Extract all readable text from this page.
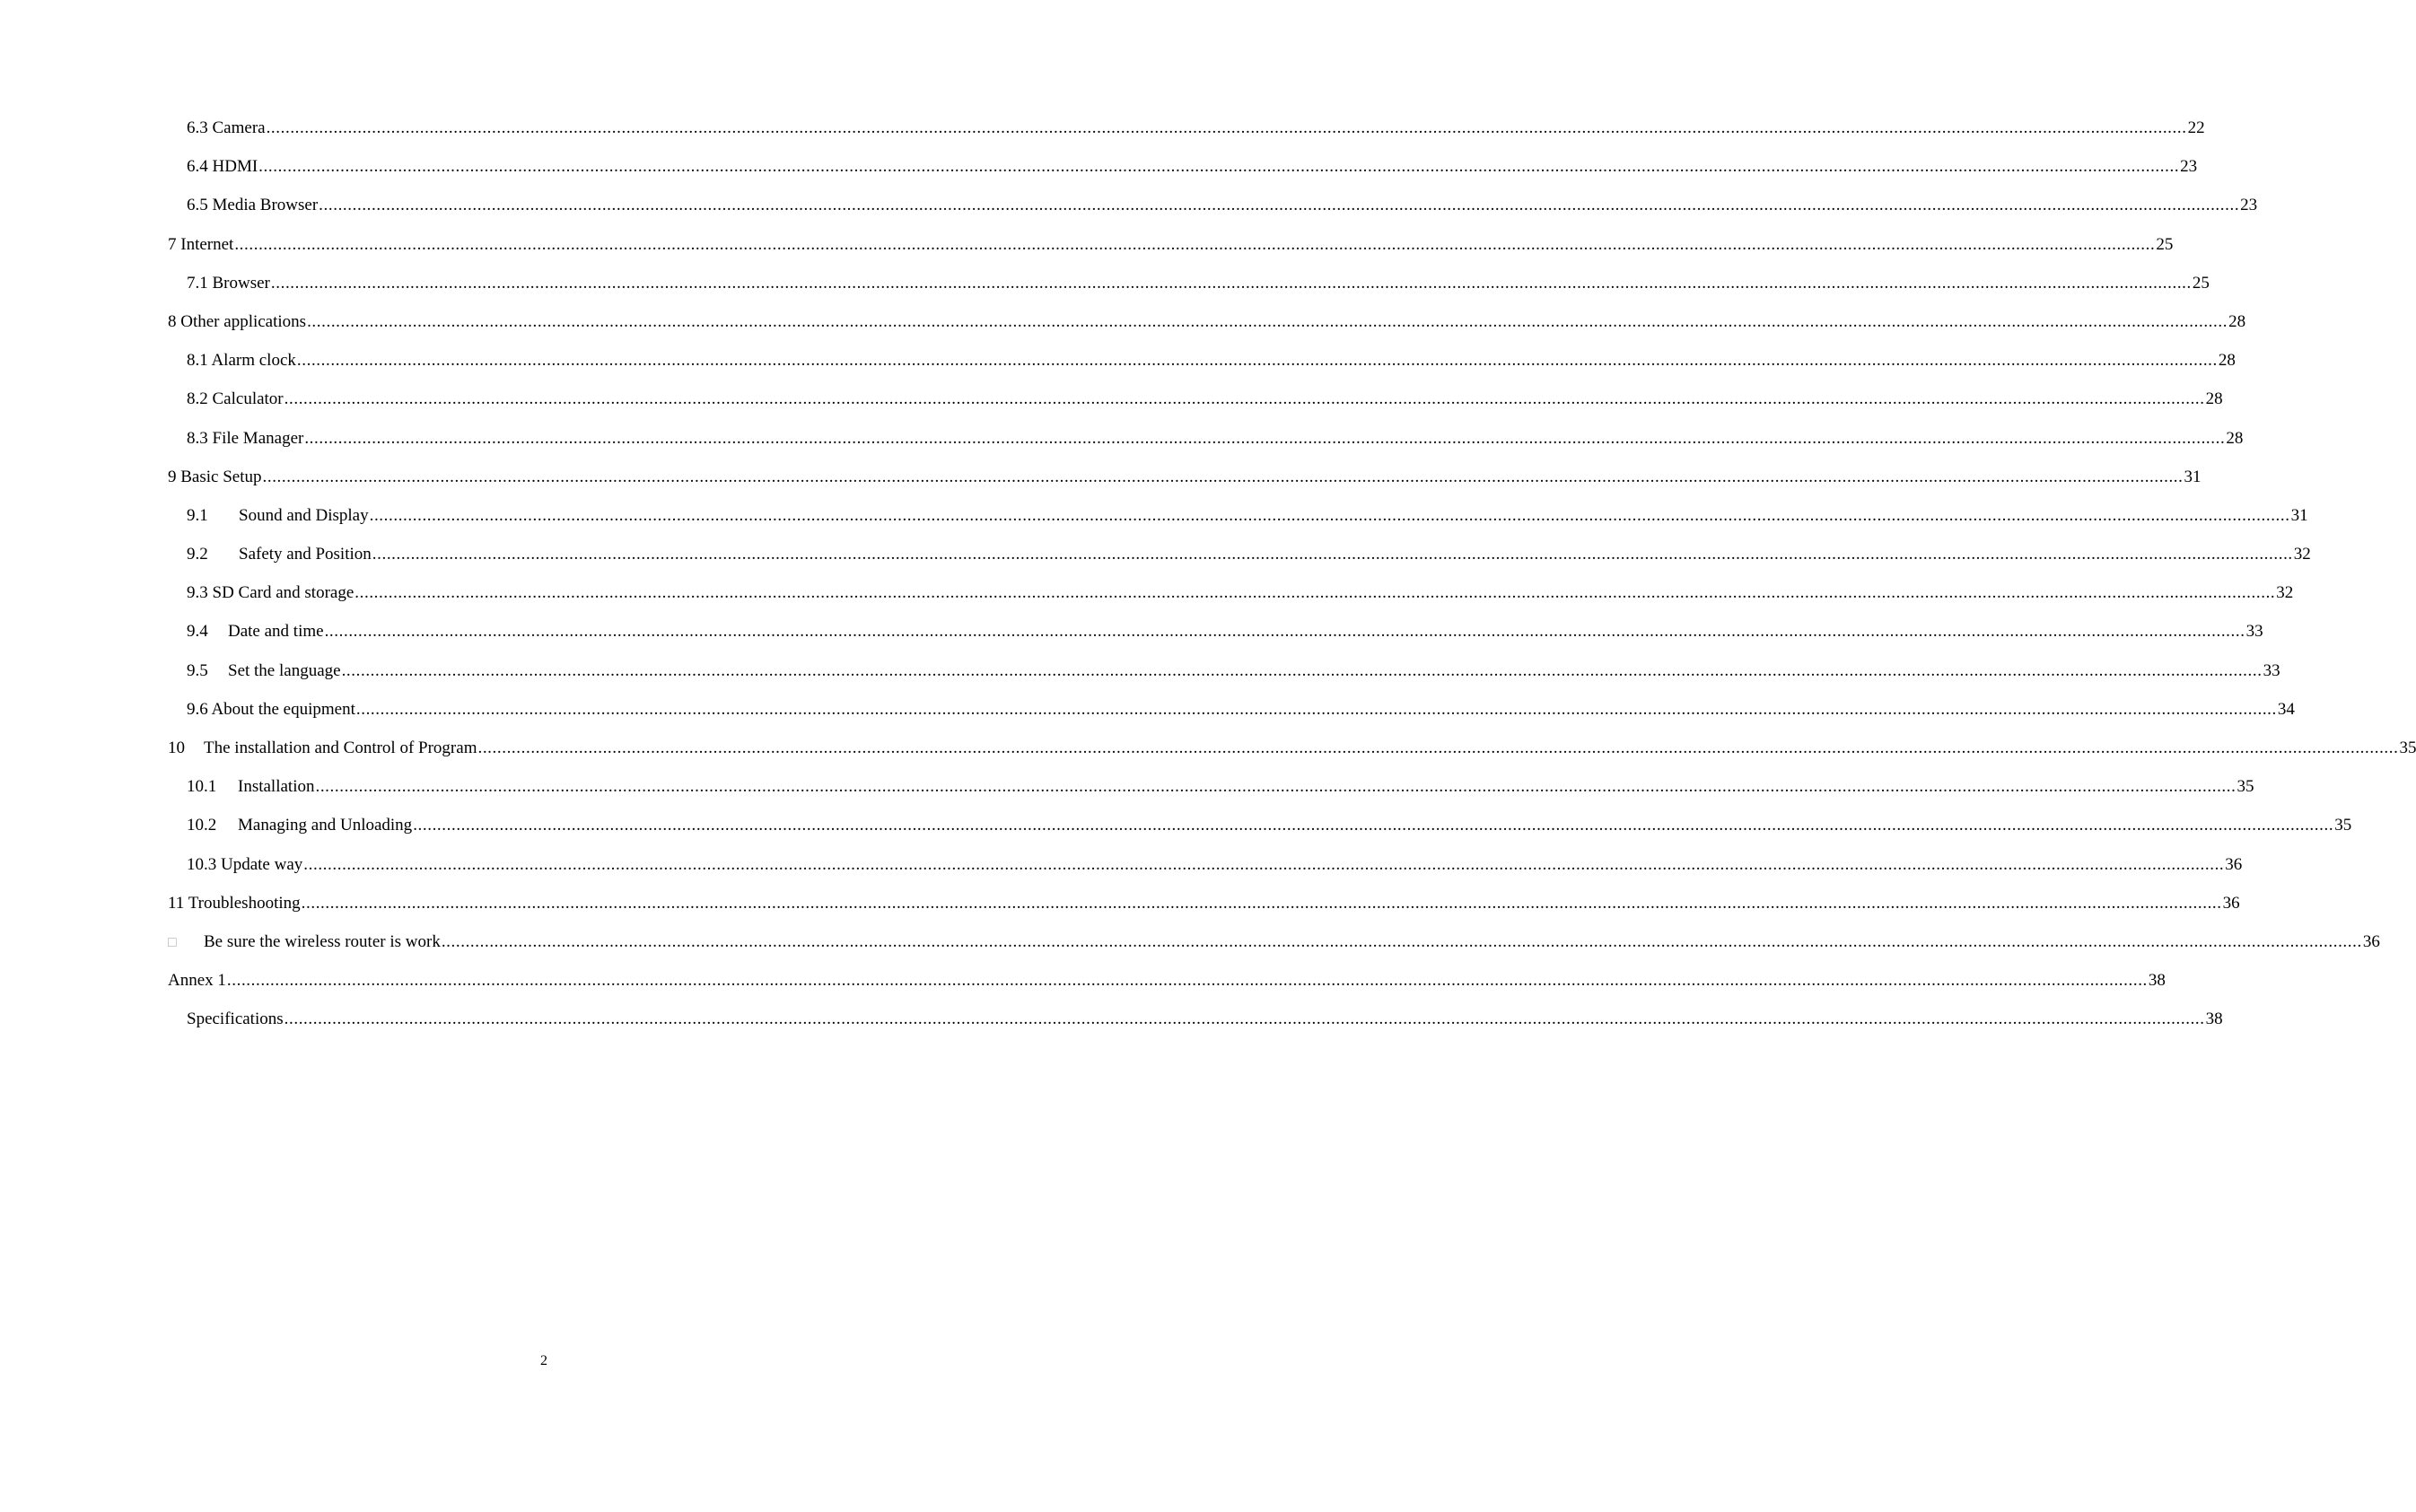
6.3 Camera ................................................................................................................................................................................................................................................................................................................................................................................................................ 22
6.4 HDMI ................................................................................................................................................................................................................................................................................................................................................................................................................ 23
6.5 Media Browser ................................................................................................................................................................................................................................................................................................................................................................................................................ 23
7 Internet ................................................................................................................................................................................................................................................................................................................................................................................................................ 25
7.1 Browser ................................................................................................................................................................................................................................................................................................................................................................................................................ 25
8 Other applications ................................................................................................................................................................................................................................................................................................................................................................................................................ 28
8.1 Alarm clock ................................................................................................................................................................................................................................................................................................................................................................................................................ 28
8.2 Calculator ................................................................................................................................................................................................................................................................................................................................................................................................................ 28
8.3 File Manager ................................................................................................................................................................................................................................................................................................................................................................................................................ 28
9 Basic Setup ................................................................................................................................................................................................................................................................................................................................................................................................................ 31
9.1	Sound and Display ................................................................................................................................................................................................................................................................................................................................................................................................................ 31
9.2	Safety and Position ................................................................................................................................................................................................................................................................................................................................................................................................................ 32
9.3 SD Card and storage ................................................................................................................................................................................................................................................................................................................................................................................................................ 32
9.4	Date and time ................................................................................................................................................................................................................................................................................................................................................................................................................ 33
9.5	Set the language ................................................................................................................................................................................................................................................................................................................................................................................................................ 33
9.6 About the equipment ................................................................................................................................................................................................................................................................................................................................................................................................................ 34
10	The installation and Control of Program ................................................................................................................................................................................................................................................................................................................................................................................................................ 35
10.1	Installation ................................................................................................................................................................................................................................................................................................................................................................................................................ 35
10.2	Managing and Unloading ................................................................................................................................................................................................................................................................................................................................................................................................................ 35
10.3 Update way ................................................................................................................................................................................................................................................................................................................................................................................................................ 36
11 Troubleshooting ................................................................................................................................................................................................................................................................................................................................................................................................................ 36
□	Be sure the wireless router is work ................................................................................................................................................................................................................................................................................................................................................................................................................ 36
Annex 1 ................................................................................................................................................................................................................................................................................................................................................................................................................ 38
Specifications ................................................................................................................................................................................................................................................................................................................................................................................................................ 38
2
